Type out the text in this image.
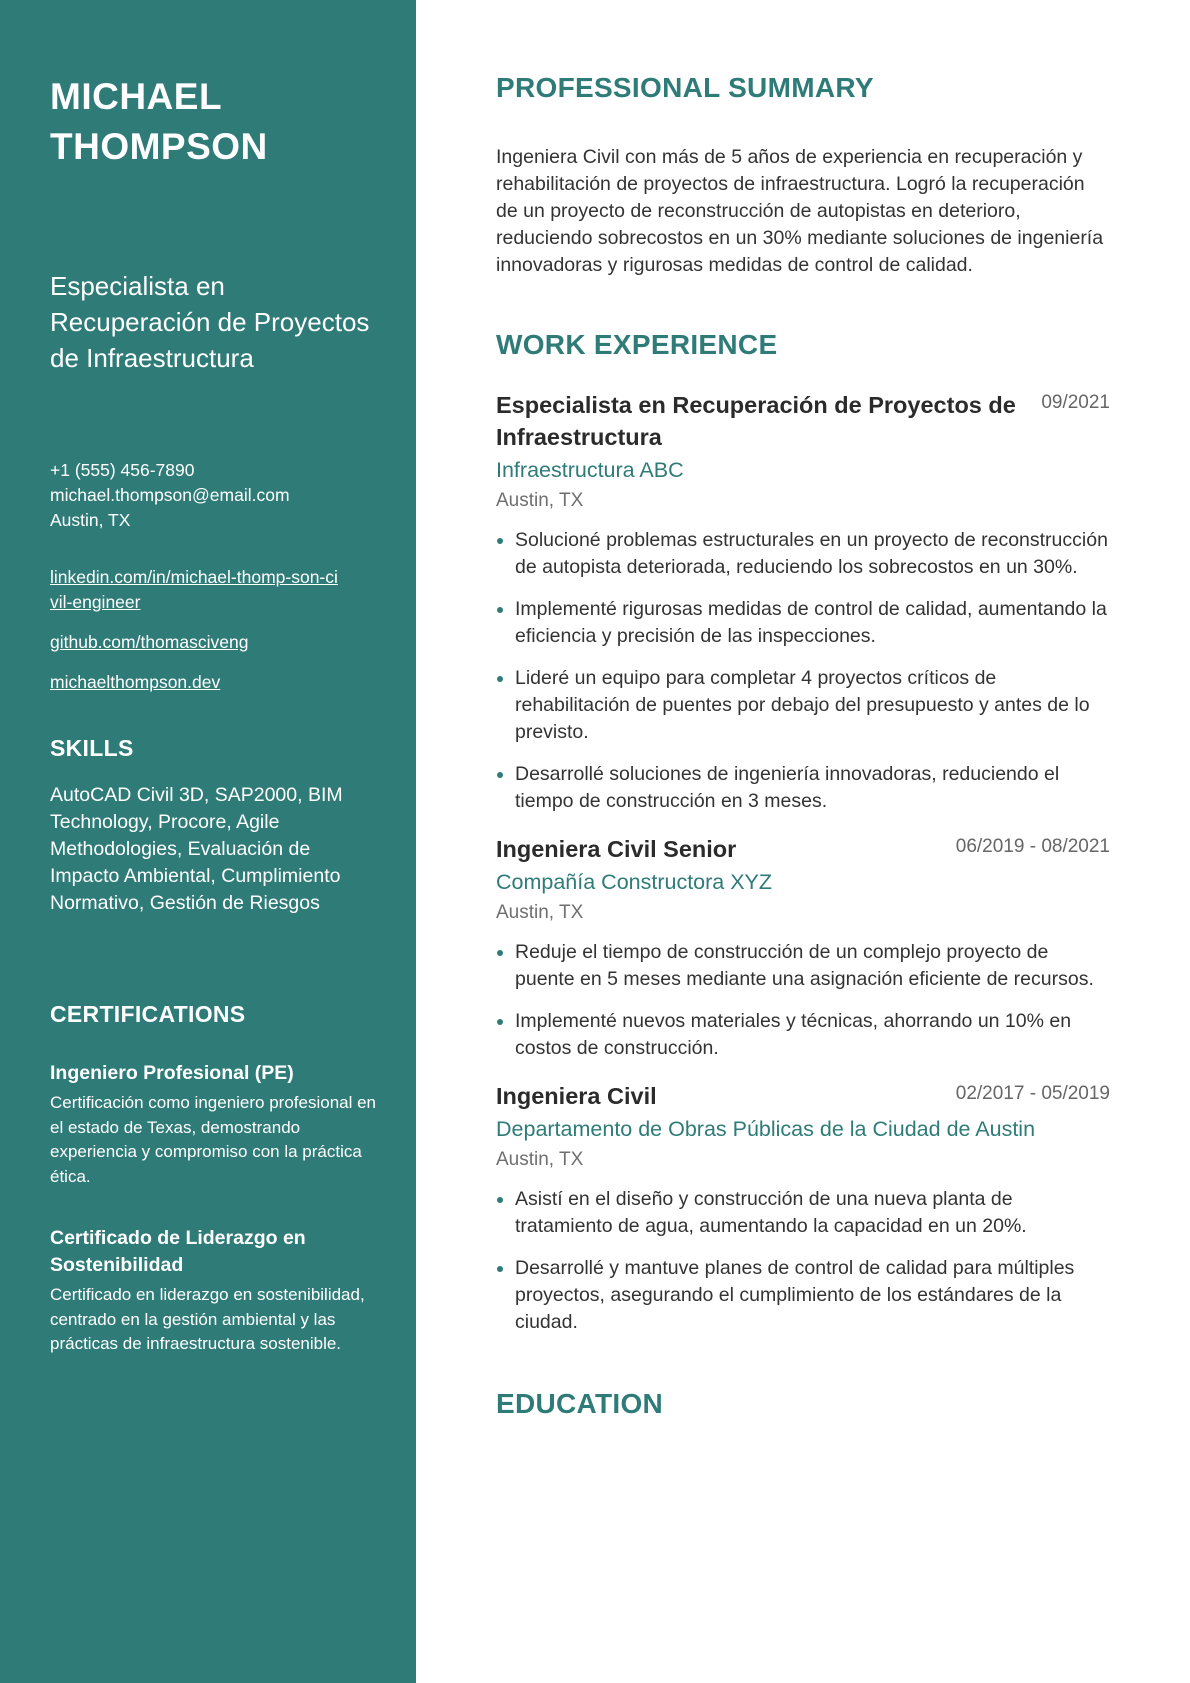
MICHAEL
THOMPSON
Especialista en Recuperación de Proyectos de Infraestructura
+1 (555) 456-7890
michael.thompson@email.com
Austin, TX
linkedin.com/in/michael-thomp-son-civil-engineer
github.com/thomasciveng
michaelthompson.dev
SKILLS
AutoCAD Civil 3D, SAP2000, BIM Technology, Procore, Agile Methodologies, Evaluación de Impacto Ambiental, Cumplimiento Normativo, Gestión de Riesgos
CERTIFICATIONS
Ingeniero Profesional (PE)
Certificación como ingeniero profesional en el estado de Texas, demostrando experiencia y compromiso con la práctica ética.
Certificado de Liderazgo en Sostenibilidad
Certificado en liderazgo en sostenibilidad, centrado en la gestión ambiental y las prácticas de infraestructura sostenible.
PROFESSIONAL SUMMARY

Ingeniera Civil con más de 5 años de experiencia en recuperación y rehabilitación de proyectos de infraestructura. Logró la recuperación de un proyecto de reconstrucción de autopistas en deterioro, reduciendo sobrecostos en un 30% mediante soluciones de ingeniería innovadoras y rigurosas medidas de control de calidad.

WORK EXPERIENCE
Especialista en Recuperación de Proyectos de Infraestructura
09/2021
Infraestructura ABC
Austin, TX
Solucioné problemas estructurales en un proyecto de reconstrucción de autopista deteriorada, reduciendo los sobrecostos en un 30%.
Implementé rigurosas medidas de control de calidad, aumentando la eficiencia y precisión de las inspecciones.
Lideré un equipo para completar 4 proyectos críticos de rehabilitación de puentes por debajo del presupuesto y antes de lo previsto.
Desarrollé soluciones de ingeniería innovadoras, reduciendo el tiempo de construcción en 3 meses.
Ingeniera Civil Senior	06/2019 - 08/2021
Compañía Constructora XYZ
Austin, TX
Reduje el tiempo de construcción de un complejo proyecto de puente en 5 meses mediante una asignación eficiente de recursos.
Implementé nuevos materiales y técnicas, ahorrando un 10% en costos de construcción.
Ingeniera Civil	02/2017 - 05/2019
Departamento de Obras Públicas de la Ciudad de Austin
Austin, TX
Asistí en el diseño y construcción de una nueva planta de tratamiento de agua, aumentando la capacidad en un 20%.
Desarrollé y mantuve planes de control de calidad para múltiples proyectos, asegurando el cumplimiento de los estándares de la ciudad.
EDUCATION
